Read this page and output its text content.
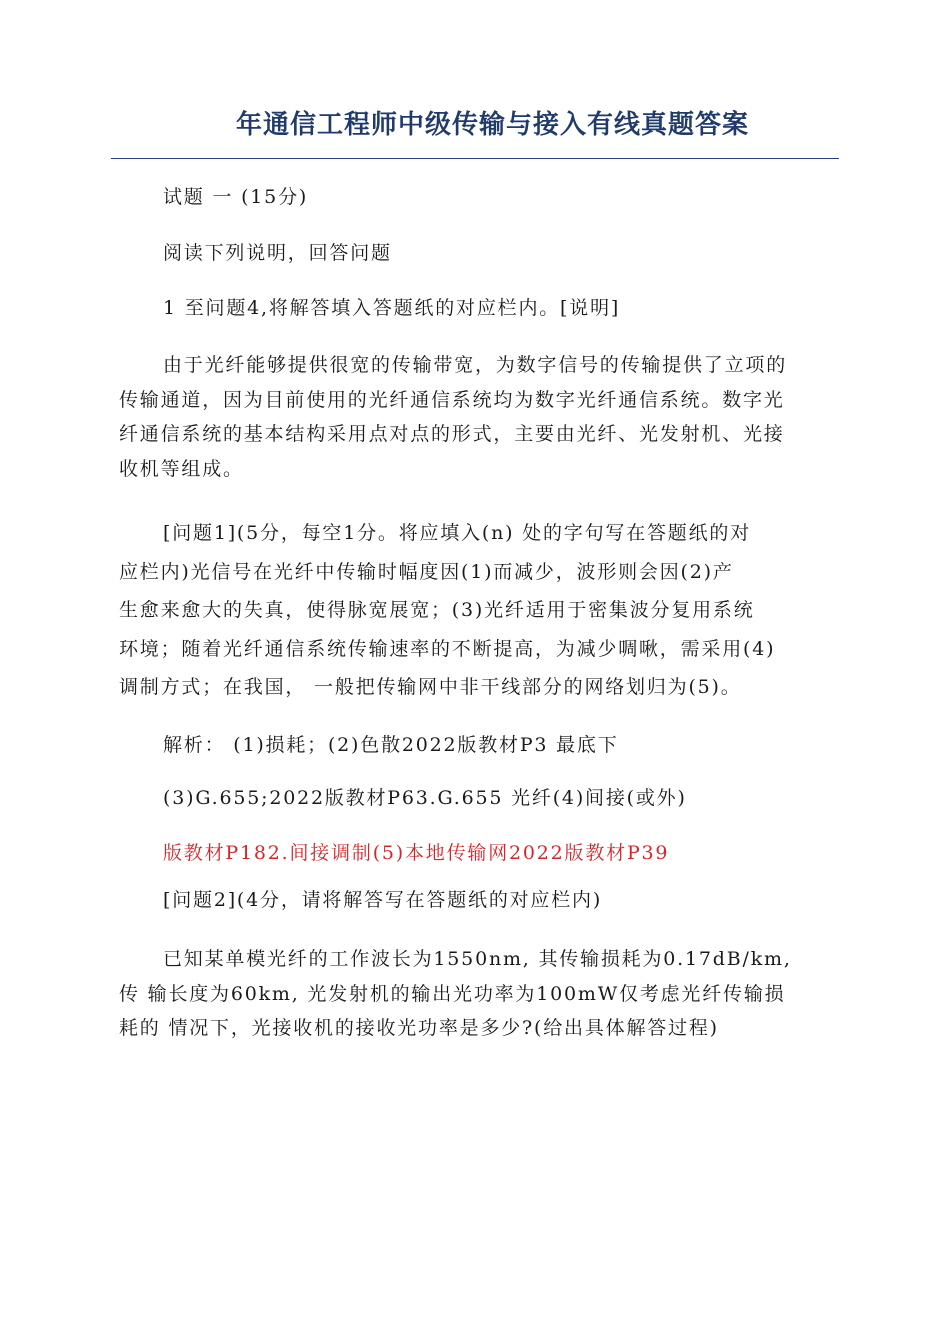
年通信工程师中级传输与接入有线真题答案
试题 一 (15分)
阅读下列说明，回答问题
1 至问题4,将解答填入答题纸的对应栏内。[说明]
由于光纤能够提供很宽的传输带宽，为数字信号的传输提供了立项的
传输通道，因为目前使用的光纤通信系统均为数字光纤通信系统。数字光
纤通信系统的基本结构采用点对点的形式，主要由光纤、光发射机、光接
收机等组成。
[问题1](5分，每空1分。将应填入(n) 处的字句写在答题纸的对
应栏内)光信号在光纤中传输时幅度因(1)而减少，波形则会因(2)产
生愈来愈大的失真，使得脉宽展宽；(3)光纤适用于密集波分复用系统
环境；随着光纤通信系统传输速率的不断提高，为减少啁啾，需采用(4)
调制方式；在我国， 一般把传输网中非干线部分的网络划归为(5)。
解析： (1)损耗；(2)色散2022版教材P3 最底下
(3)G.655;2022版教材P63.G.655 光纤(4)间接(或外)
版教材P182.间接调制(5)本地传输网2022版教材P39
[问题2](4分，请将解答写在答题纸的对应栏内)
已知某单模光纤的工作波长为1550nm, 其传输损耗为0.17dB/km,
传 输长度为60km, 光发射机的输出光功率为100mW仅考虑光纤传输损
耗的 情况下，光接收机的接收光功率是多少?(给出具体解答过程)
